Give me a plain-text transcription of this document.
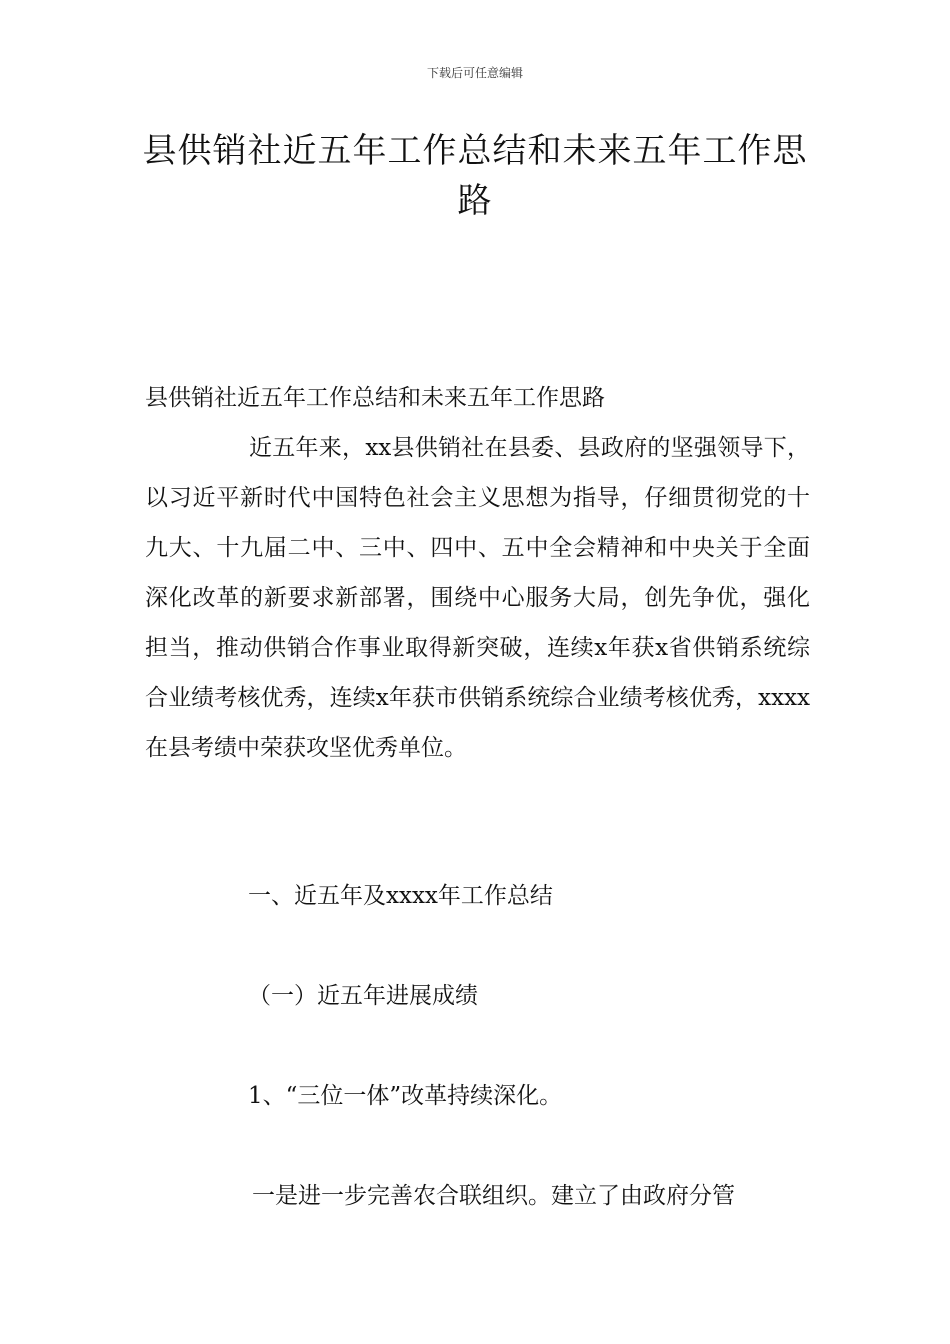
下载后可任意编辑
县供销社近五年工作总结和未来五年工作思路

县供销社近五年工作总结和未来五年工作思路

近五年来，xx县供销社在县委、县政府的坚强领导下，以习近平新时代中国特色社会主义思想为指导，仔细贯彻党的十九大、十九届二中、三中、四中、五中全会精神和中央关于全面深化改革的新要求新部署，围绕中心服务大局，创先争优，强化担当，推动供销合作事业取得新突破，连续x年获x省供销系统综合业绩考核优秀，连续x年获市供销系统综合业绩考核优秀，xxxx在县考绩中荣获攻坚优秀单位。

一、近五年及xxxx年工作总结

（一）近五年进展成绩

1、“三位一体”改革持续深化。

一是进一步完善农合联组织。建立了由政府分管
